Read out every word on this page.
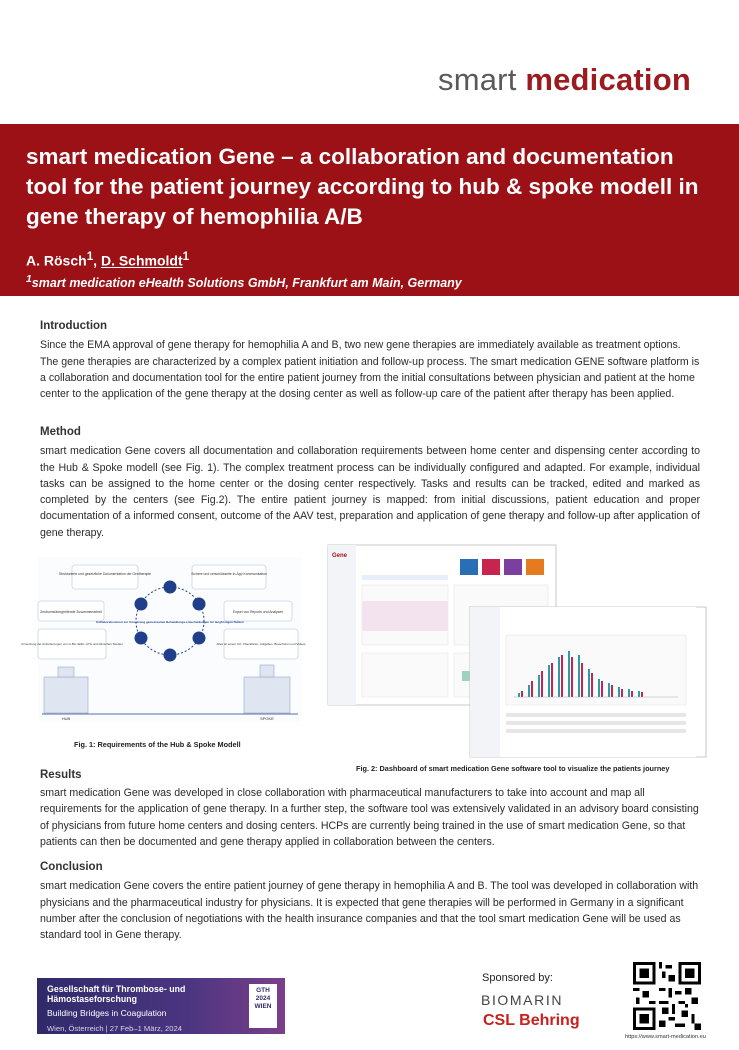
smart medication
smart medication Gene – a collaboration and documentation tool for the patient journey according to hub & spoke modell in gene therapy of hemophilia A/B
A. Rösch$^1$, D. Schmoldt$^1$
$^1$smart medication eHealth Solutions GmbH, Frankfurt am Main, Germany
Introduction

Since the EMA approval of gene therapy for hemophilia A and B, two new gene therapies are immediately available as treatment options. The gene therapies are characterized by a complex patient initiation and follow-up process. The smart medication GENE software platform is a collaboration and documentation tool for the entire patient journey from the initial consultations between physician and patient at the home center to the application of the gene therapy at the dosing center as well as follow-up care of the patient after therapy has been applied.

Method

smart medication Gene covers all documentation and collaboration requirements between home center and dispensing center according to the Hub & Spoke modell (see Fig. 1). The complex treatment process can be individually configured and adapted. For example, individual tasks can be assigned to the home center or the dosing center respectively. Tasks and results can be tracked, edited and marked as completed by the centers (see Fig.2). The entire patient journey is mapped: from initial discussions, patient education and proper documentation of a informed consent, outcome of the AAV test, preparation and application of gene therapy and follow-up after application of gene therapy.

Strukturierte und gesetzliche Dokumentation der Gentherapie	Sichere und verschlüsselte In-App Kommunikation
Zentrumsübergreifende Zusammenarbeit	Export von Reports und Analysen
Umsetzung der Anforderungen von G-BA, EMA, GTH und klinischen Studien	Alles an einem Ort: Checklisten, Aufgaben, Broschüren und Videos
Kollaborationstool zur Umsetzung gemeinsamer Behandlungs-entscheidungen für langfristigen Nutzen
HUB	SPOKE
Fig. 1: Requirements of the Hub & Spoke Modell
Gene
Fig. 2: Dashboard of smart medication Gene software tool to visualize the patients journey
Results

smart medication Gene was developed in close collaboration with pharmaceutical manufacturers to take into account and map all requirements for the application of gene therapy. In a further step, the software tool was extensively validated in an advisory board consisting of physicians from future home centers and dosing centers. HCPs are currently being trained in the use of smart medication Gene, so that patients can then be documented and gene therapy applied in collaboration between the centers.

Conclusion

smart medication Gene covers the entire patient journey of gene therapy in hemophilia A and B. The tool was developed in collaboration with physicians and the pharmaceutical industry for physicians. It is expected that gene therapies will be performed in Germany in a significant number after the conclusion of negotiations with the health insurance companies and that the tool smart medication Gene will be used as standard tool in Gene therapy.

Gesellschaft für Thrombose- und Hämostaseforschung
Building Bridges in Coagulation
Wien, Österreich | 27 Feb–1 März, 2024
GTH 2024 WIEN
Sponsored by:
BIOMARIN
CSL Behring
https://www.smart-medication.eu
